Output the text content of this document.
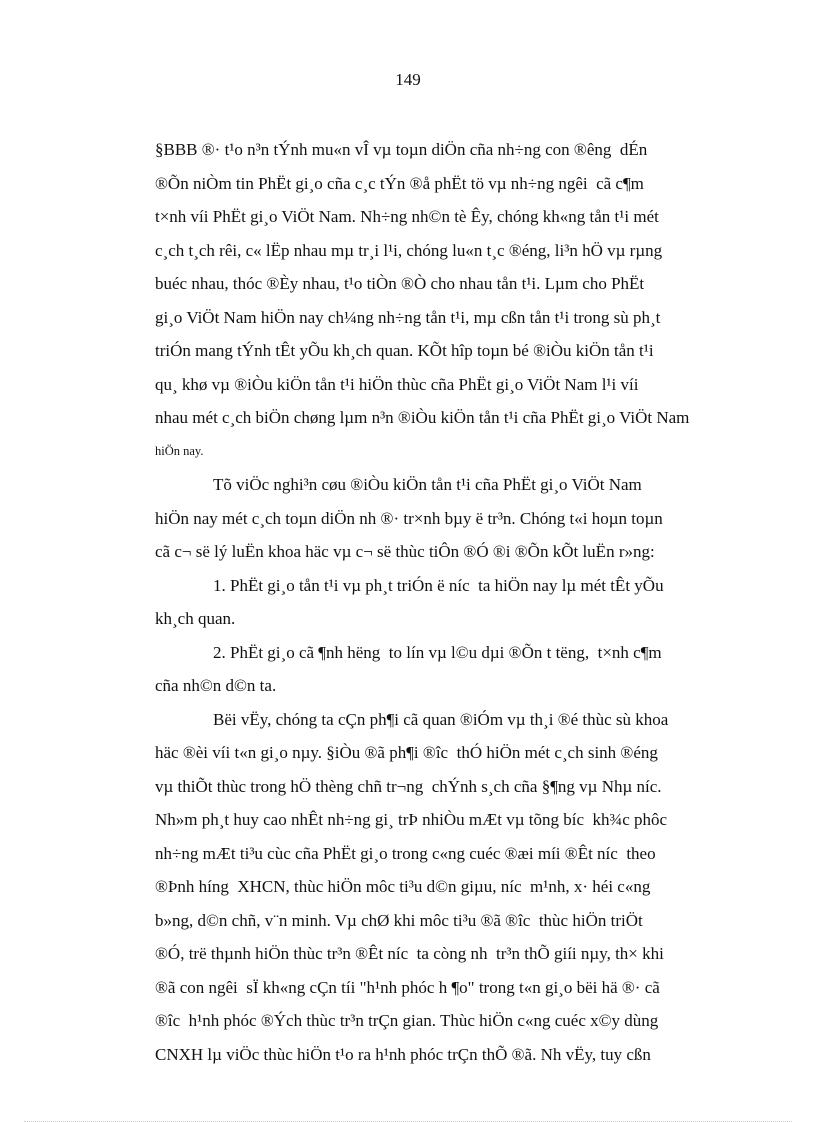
149
§BBB ®· t¹o n³n tÝnh mu«n vÎ vµ toµn diÖn cña nh÷ng con ®êng  dÉn
®Õn niÒm tin PhËt gi¸o cña c¸c tÝn ®å phËt tö vµ nh÷ng ngêi  cã c¶m
t×nh víi PhËt gi¸o ViÖt Nam. Nh÷ng nh©n tè Êy, chóng kh«ng tån t¹i mét
c¸ch t¸ch rêi, c« lËp nhau mµ tr¸i l¹i, chóng lu«n t¸c ®éng, li³n hÖ vµ rµng
buéc nhau, thóc ®Èy nhau, t¹o tiÒn ®Ò cho nhau tån t¹i. Lµm cho PhËt
gi¸o ViÖt Nam hiÖn nay ch¼ng nh÷ng tån t¹i, mµ cßn tån t¹i trong sù ph¸t
triÓn mang tÝnh tÊt yÕu kh¸ch quan. KÕt hîp toµn bé ®iÒu kiÖn tån t¹i
qu¸ khø vµ ®iÒu kiÖn tån t¹i hiÖn thùc cña PhËt gi¸o ViÖt Nam l¹i víi
nhau mét c¸ch biÖn chøng lµm n³n ®iÒu kiÖn tån t¹i cña PhËt gi¸o ViÖt Nam
hiÖn nay.
Tõ viÖc nghi³n cøu ®iÒu kiÖn tån t¹i cña PhËt gi¸o ViÖt Nam
hiÖn nay mét c¸ch toµn diÖn nh ®· tr×nh bµy ë tr³n. Chóng t«i hoµn toµn
cã c¬ së lý luËn khoa häc vµ c¬ së thùc tiÔn ®Ó ®i ®Õn kÕt luËn r»ng:
1. PhËt gi¸o tån t¹i vµ ph¸t triÓn ë níc  ta hiÖn nay lµ mét tÊt yÕu
kh¸ch quan.
2. PhËt gi¸o cã ¶nh hëng  to lín vµ l©u dµi ®Õn t tëng,  t×nh c¶m
cña nh©n d©n ta.
Bëi vËy, chóng ta cÇn ph¶i cã quan ®iÓm vµ th¸i ®é thùc sù khoa
häc ®èi víi t«n gi¸o nµy. §iÒu ®ã ph¶i ®îc  thÓ hiÖn mét c¸ch sinh ®éng
vµ thiÕt thùc trong hÖ thèng chñ tr¬ng  chÝnh s¸ch cña §¶ng vµ Nhµ níc.
Nh»m ph¸t huy cao nhÊt nh÷ng gi¸ trÞ nhiÒu mÆt vµ tõng bíc  kh¾c phôc
nh÷ng mÆt ti³u cùc cña PhËt gi¸o trong c«ng cuéc ®æi míi ®Êt níc  theo
®Þnh híng  XHCN, thùc hiÖn môc ti³u d©n giµu, níc  m¹nh, x· héi c«ng
b»ng, d©n chñ, v¨n minh. Vµ chØ khi môc ti³u ®ã ®îc  thùc hiÖn triÖt
®Ó, trë thµnh hiÖn thùc tr³n ®Êt níc  ta còng nh  tr³n thÕ giíi nµy, th× khi
®ã con ngêi  sÏ kh«ng cÇn tíi "h¹nh phóc h ¶o" trong t«n gi¸o bëi hä ®· cã
®îc  h¹nh phóc ®Ých thùc tr³n trÇn gian. Thùc hiÖn c«ng cuéc x©y dùng
CNXH lµ viÖc thùc hiÖn t¹o ra h¹nh phóc trÇn thÕ ®ã. Nh vËy, tuy cßn
